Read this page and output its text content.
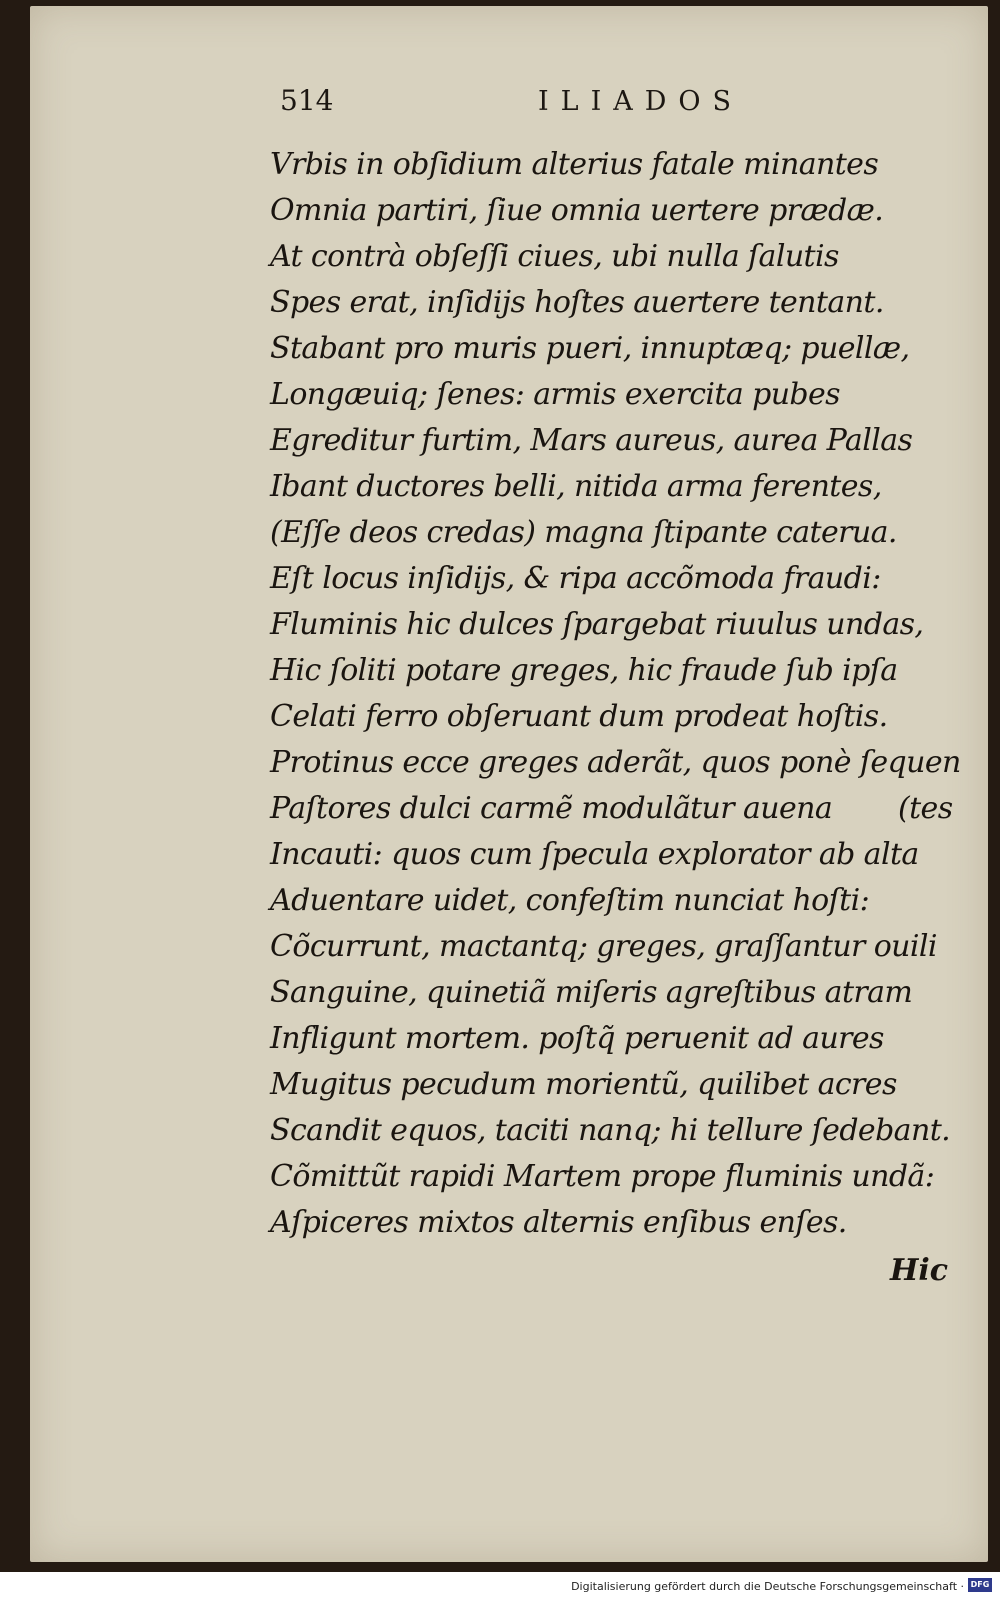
514	ILIADOS
Vrbis in obſidium alterius fatale minantes
Omnia partiri, ſiue omnia uertere prædæ.
At contrà obſeſſi ciues, ubi nulla ſalutis
Spes erat, inſidijs hoſtes auertere tentant.
Stabant pro muris pueri, innuptæq; puellæ,
Longæuiq; ſenes: armis exercita pubes
Egreditur furtim, Mars aureus, aurea Pallas
Ibant ductores belli, nitida arma ferentes,
(Eſſe deos credas) magna ſtipante caterua.
Eſt locus inſidijs, & ripa accõmoda fraudi:
Fluminis hic dulces ſpargebat riuulus undas,
Hic ſoliti potare greges, hic fraude ſub ipſa
Celati ferro obſeruant dum prodeat hoſtis.
Protinus ecce greges aderãt, quos ponè ſequen
Paſtores dulci carmẽ modulãtur auena (tes
Incauti: quos cum ſpecula explorator ab alta
Aduentare uidet, confeſtim nunciat hoſti:
Cõcurrunt, mactantq; greges, graſſantur ouili
Sanguine, quinetiã miſeris agreſtibus atram
Infligunt mortem. poſtq̃ peruenit ad aures
Mugitus pecudum morientũ, quilibet acres
Scandit equos, taciti nanq; hi tellure ſedebant.
Cõmittũt rapidi Martem prope fluminis undã:
Aſpiceres mixtos alternis enſibus enſes.
Hic
Digitalisierung gefördert durch die Deutsche Forschungsgemeinschaft · DFG
